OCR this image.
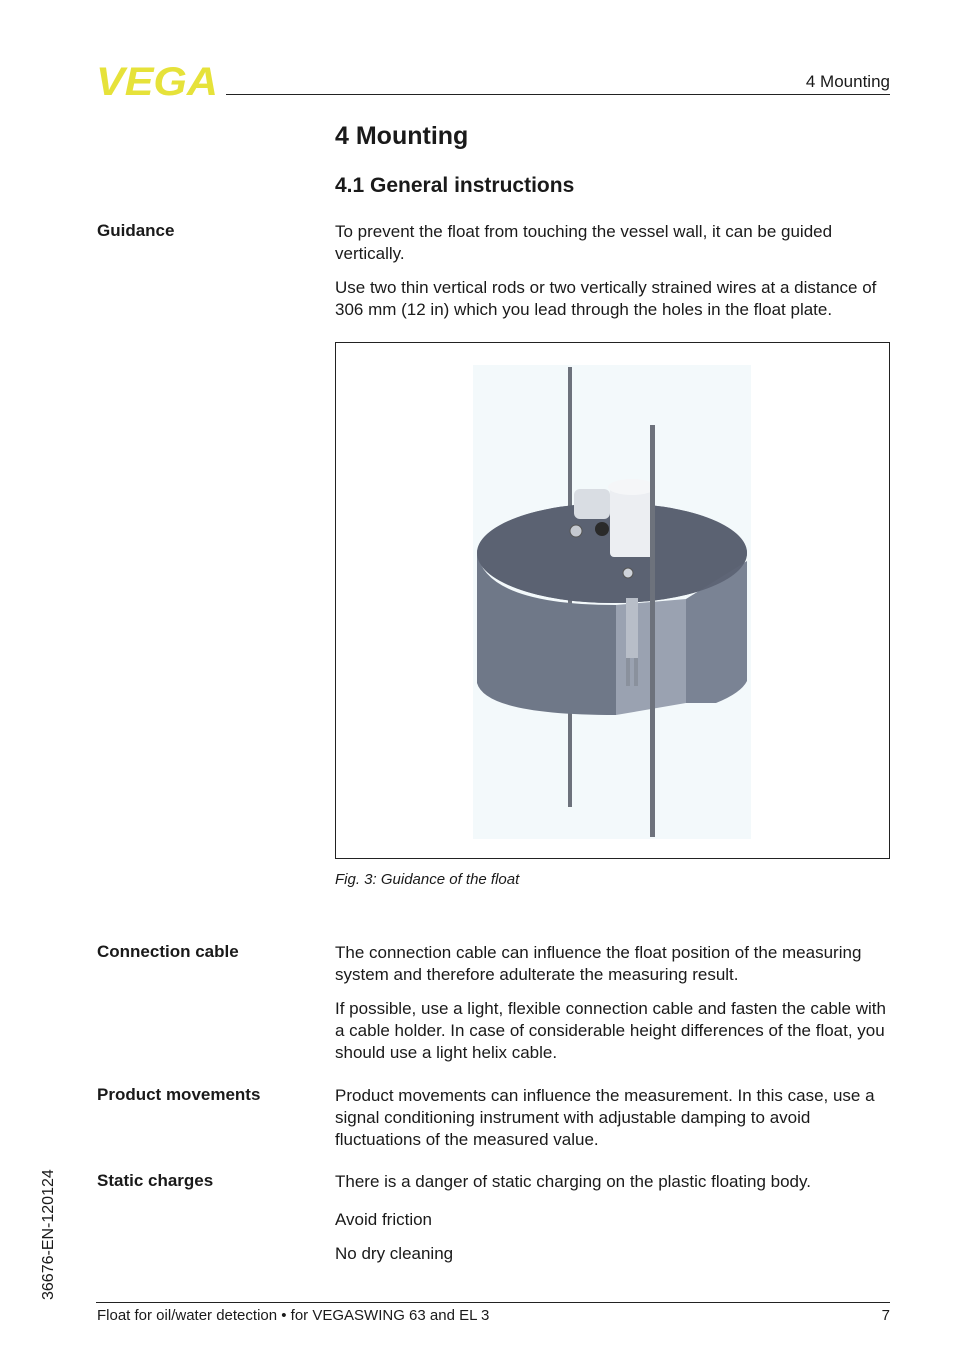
VEGA	4 Mounting
4 Mounting
4.1 General instructions
Guidance	To prevent the float from touching the vessel wall, it can be guided vertically.
Use two thin vertical rods or two vertically strained wires at a distance of 306 mm (12 in) which you lead through the holes in the float plate.
Fig. 3: Guidance of the float
Connection cable	The connection cable can influence the float position of the measuring system and therefore adulterate the measuring result.
If possible, use a light, flexible connection cable and fasten the cable with a cable holder. In case of considerable height differences of the float, you should use a light helix cable.
Product movements	Product movements can influence the measurement. In this case, use a signal conditioning instrument with adjustable damping to avoid fluctuations of the measured value.
Static charges	There is a danger of static charging on the plastic floating body.
Avoid friction
No dry cleaning
36676-EN-120124
Float for oil/water detection • for VEGASWING 63 and EL 3	7
